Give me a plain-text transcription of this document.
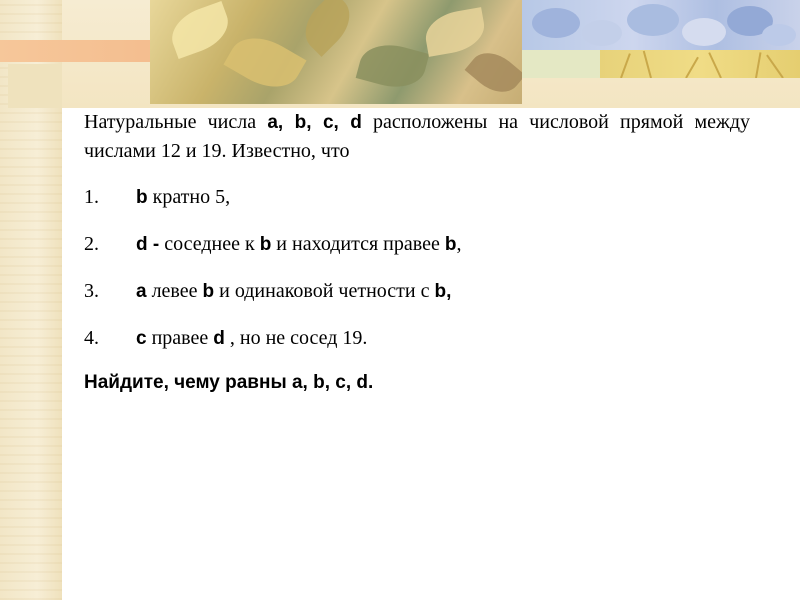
Натуральные числа a, b, c, d расположены на числовой прямой между числами 12 и 19. Известно, что

1.	b кратно 5,
2.	d - соседнее к b и находится правее b,
3.	a левее b и одинаковой четности с b,
4.	c правее d , но не сосед 19.

Найдите, чему равны a, b, c, d.
